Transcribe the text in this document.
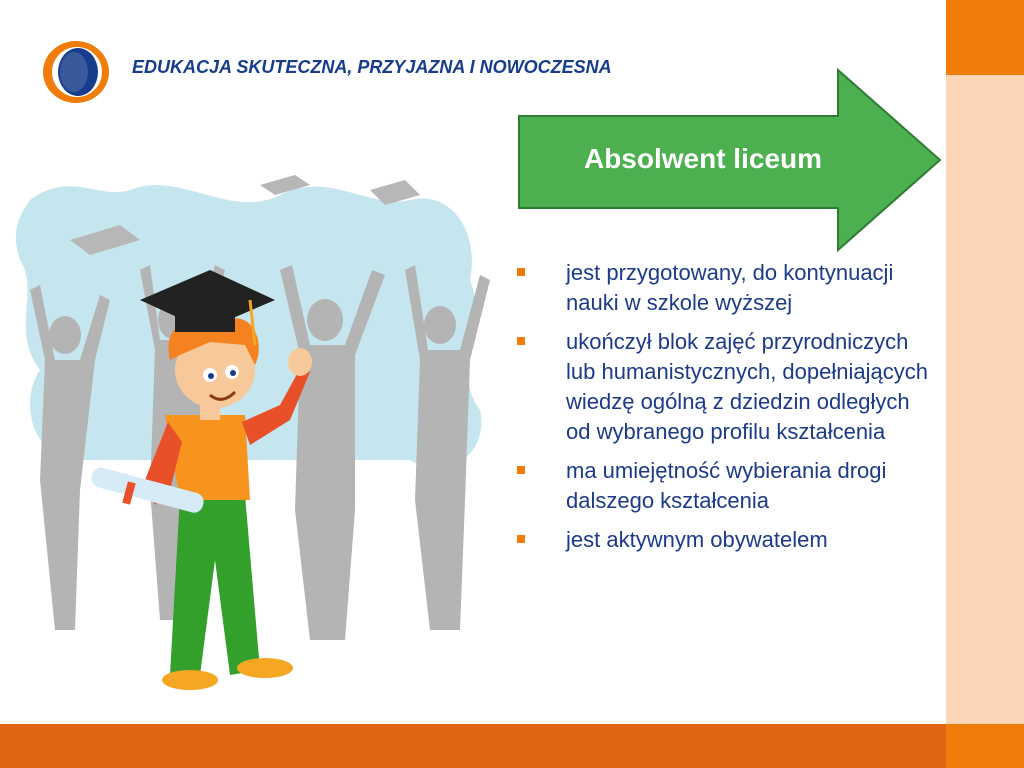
EDUKACJA SKUTECZNA, PRZYJAZNA I NOWOCZESNA
Absolwent liceum
jest przygotowany, do kontynuacji nauki w szkole wyższej
ukończył blok zajęć przyrodniczych lub humanistycznych, dopełniających wiedzę ogólną z dziedzin odległych od wybranego profilu kształcenia
ma umiejętność wybierania drogi dalszego kształcenia
jest aktywnym obywatelem
